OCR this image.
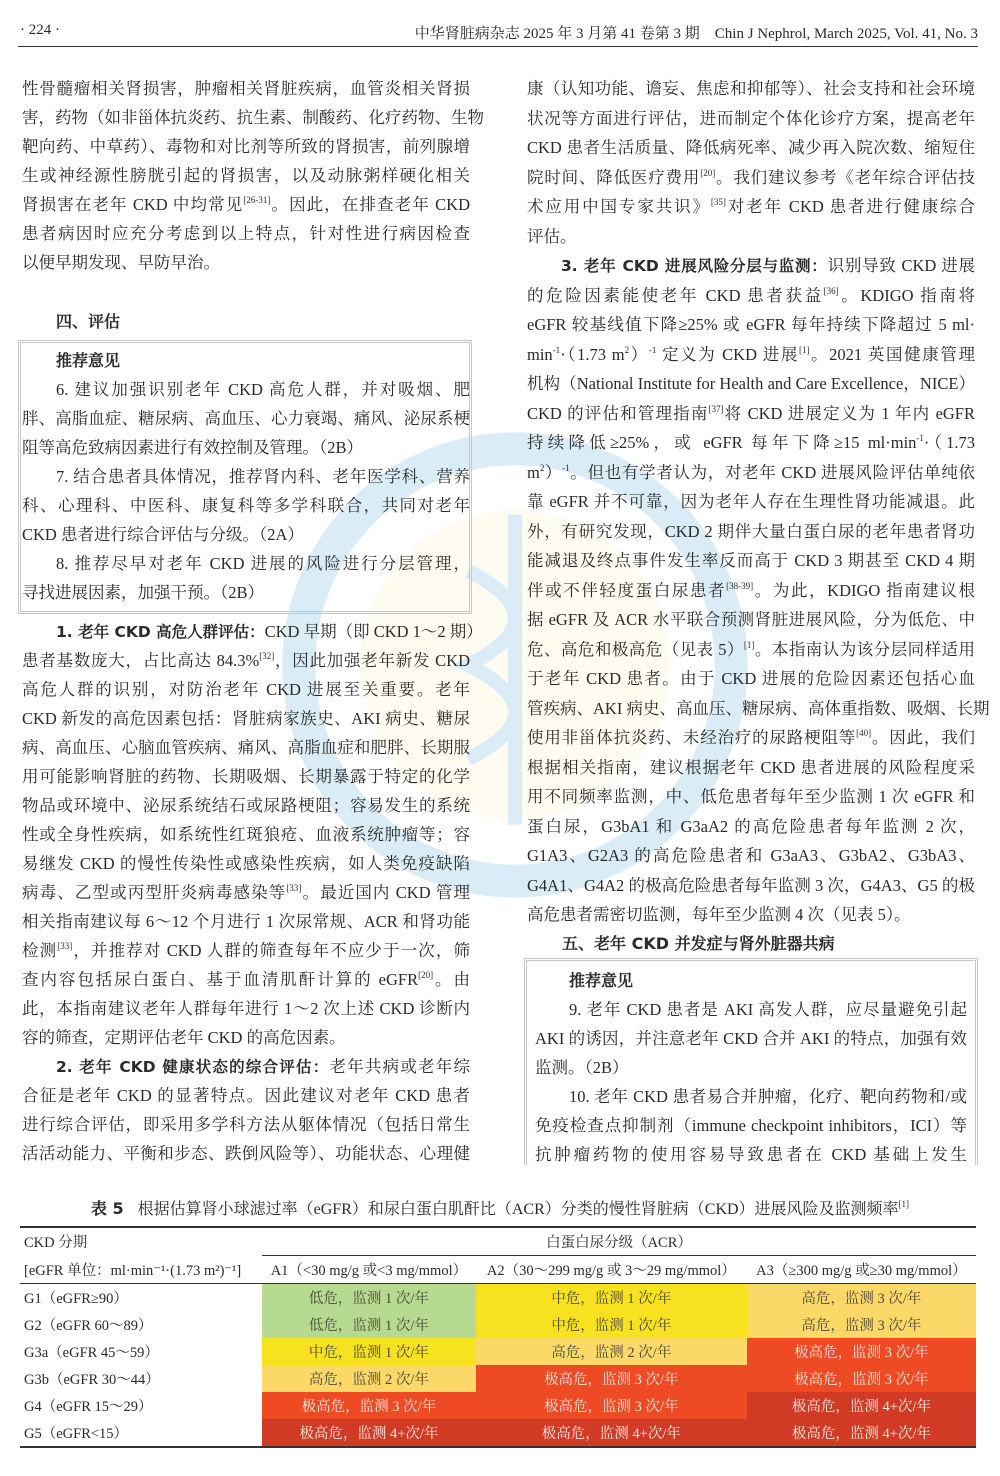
· 224 ·	中华肾脏病杂志 2025 年 3 月第 41 卷第 3 期　Chin J Nephrol, March 2025, Vol. 41, No. 3
性骨髓瘤相关肾损害，肿瘤相关肾脏疾病，血管炎相关肾损
害，药物（如非甾体抗炎药、抗生素、制酸药、化疗药物、生物
靶向药、中草药）、毒物和对比剂等所致的肾损害，前列腺增
生或神经源性膀胱引起的肾损害，以及动脉粥样硬化相关
肾损害在老年 CKD 中均常见[26-31]。因此，在排查老年 CKD
患者病因时应充分考虑到以上特点，针对性进行病因检查
以便早期发现、早防早治。
四、评估
推荐意见
6. 建议加强识别老年 CKD 高危人群，并对吸烟、肥
胖、高脂血症、糖尿病、高血压、心力衰竭、痛风、泌尿系梗
阻等高危致病因素进行有效控制及管理。（2B）
7. 结合患者具体情况，推荐肾内科、老年医学科、营养
科、心理科、中医科、康复科等多学科联合，共同对老年
CKD 患者进行综合评估与分级。（2A）
8. 推荐尽早对老年 CKD 进展的风险进行分层管理，
寻找进展因素，加强干预。（2B）
1. 老年 CKD 高危人群评估：CKD 早期（即 CKD 1～2 期）
患者基数庞大，占比高达 84.3%[32]，因此加强老年新发 CKD
高危人群的识别，对防治老年 CKD 进展至关重要。老年
CKD 新发的高危因素包括：肾脏病家族史、AKI 病史、糖尿
病、高血压、心脑血管疾病、痛风、高脂血症和肥胖、长期服
用可能影响肾脏的药物、长期吸烟、长期暴露于特定的化学
物品或环境中、泌尿系统结石或尿路梗阻；容易发生的系统
性或全身性疾病，如系统性红斑狼疮、血液系统肿瘤等；容
易继发 CKD 的慢性传染性或感染性疾病，如人类免疫缺陷
病毒、乙型或丙型肝炎病毒感染等[33]。最近国内 CKD 管理
相关指南建议每 6～12 个月进行 1 次尿常规、ACR 和肾功能
检测[33]，并推荐对 CKD 人群的筛查每年不应少于一次，筛
查内容包括尿白蛋白、基于血清肌酐计算的 eGFR[20]。由
此，本指南建议老年人群每年进行 1～2 次上述 CKD 诊断内
容的筛查，定期评估老年 CKD 的高危因素。
2. 老年 CKD 健康状态的综合评估：老年共病或老年综
合征是老年 CKD 的显著特点。因此建议对老年 CKD 患者
进行综合评估，即采用多学科方法从躯体情况（包括日常生
活活动能力、平衡和步态、跌倒风险等）、功能状态、心理健
康（认知功能、谵妄、焦虑和抑郁等）、社会支持和社会环境
状况等方面进行评估，进而制定个体化诊疗方案，提高老年
CKD 患者生活质量、降低病死率、减少再入院次数、缩短住
院时间、降低医疗费用[20]。我们建议参考《老年综合评估技
术应用中国专家共识》[35]对老年 CKD 患者进行健康综合
评估。
3. 老年 CKD 进展风险分层与监测：识别导致 CKD 进展
的危险因素能使老年 CKD 患者获益[36]。KDIGO 指南将
eGFR 较基线值下降≥25% 或 eGFR 每年持续下降超过 5 ml·
$\min^{-1}\cdot(1.73$ $m^2)^{-1}$ 定义为 CKD 进展[1]。2021 英国健康管理
机构（National Institute for Health and Care Excellence，NICE）
CKD 的评估和管理指南[37]将 CKD 进展定义为 1 年内 eGFR
持续降低≥25%，或 eGFR 每年下降≥15 $ml\cdot\min^{-1}\cdot(1.73$
$m^2)^{-1}$。但也有学者认为，对老年 CKD 进展风险评估单纯依
靠 eGFR 并不可靠，因为老年人存在生理性肾功能减退。此
外，有研究发现，CKD 2 期伴大量白蛋白尿的老年患者肾功
能减退及终点事件发生率反而高于 CKD 3 期甚至 CKD 4 期
伴或不伴轻度蛋白尿患者[38-39]。为此，KDIGO 指南建议根
据 eGFR 及 ACR 水平联合预测肾脏进展风险，分为低危、中
危、高危和极高危（见表 5）[1]。本指南认为该分层同样适用
于老年 CKD 患者。由于 CKD 进展的危险因素还包括心血
管疾病、AKI 病史、高血压、糖尿病、高体重指数、吸烟、长期
使用非甾体抗炎药、未经治疗的尿路梗阻等[40]。因此，我们
根据相关指南，建议根据老年 CKD 患者进展的风险程度采
用不同频率监测，中、低危患者每年至少监测 1 次 eGFR 和
蛋白尿，G3bA1 和 G3aA2 的高危险患者每年监测 2 次，
G1A3、G2A3 的高危险患者和 G3aA3、G3bA2、G3bA3、
G4A1、G4A2 的极高危险患者每年监测 3 次，G4A3、G5 的极
高危患者需密切监测，每年至少监测 4 次（见表 5）。
五、老年 CKD 并发症与肾外脏器共病
推荐意见
9. 老年 CKD 患者是 AKI 高发人群，应尽量避免引起
AKI 的诱因，并注意老年 CKD 合并 AKI 的特点，加强有效
监测。（2B）
10. 老年 CKD 患者易合并肿瘤，化疗、靶向药物和/或
免疫检查点抑制剂（immune checkpoint inhibitors，ICI）等
抗肿瘤药物的使用容易导致患者在 CKD 基础上发生
表 5 根据估算肾小球滤过率（eGFR）和尿白蛋白肌酐比（ACR）分类的慢性肾脏病（CKD）进展风险及监测频率[1]
CKD 分期	白蛋白尿分级（ACR）		
[eGFR 单位：ml·min⁻¹·(1.73 m²)⁻¹]	A1（<30 mg/g 或<3 mg/mmol）	A2（30～299 mg/g 或 3～29 mg/mmol）	A3（≥300 mg/g 或≥30 mg/mmol）
G1（eGFR≥90）	低危，监测 1 次/年	中危，监测 1 次/年	高危，监测 3 次/年
G2（eGFR 60～89）	低危，监测 1 次/年	中危，监测 1 次/年	高危，监测 3 次/年
G3a（eGFR 45～59）	中危，监测 1 次/年	高危，监测 2 次/年	极高危，监测 3 次/年
G3b（eGFR 30～44）	高危，监测 2 次/年	极高危，监测 3 次/年	极高危，监测 3 次/年
G4（eGFR 15～29）	极高危，监测 3 次/年	极高危，监测 3 次/年	极高危，监测 4+次/年
G5（eGFR<15）	极高危，监测 4+次/年	极高危，监测 4+次/年	极高危，监测 4+次/年
